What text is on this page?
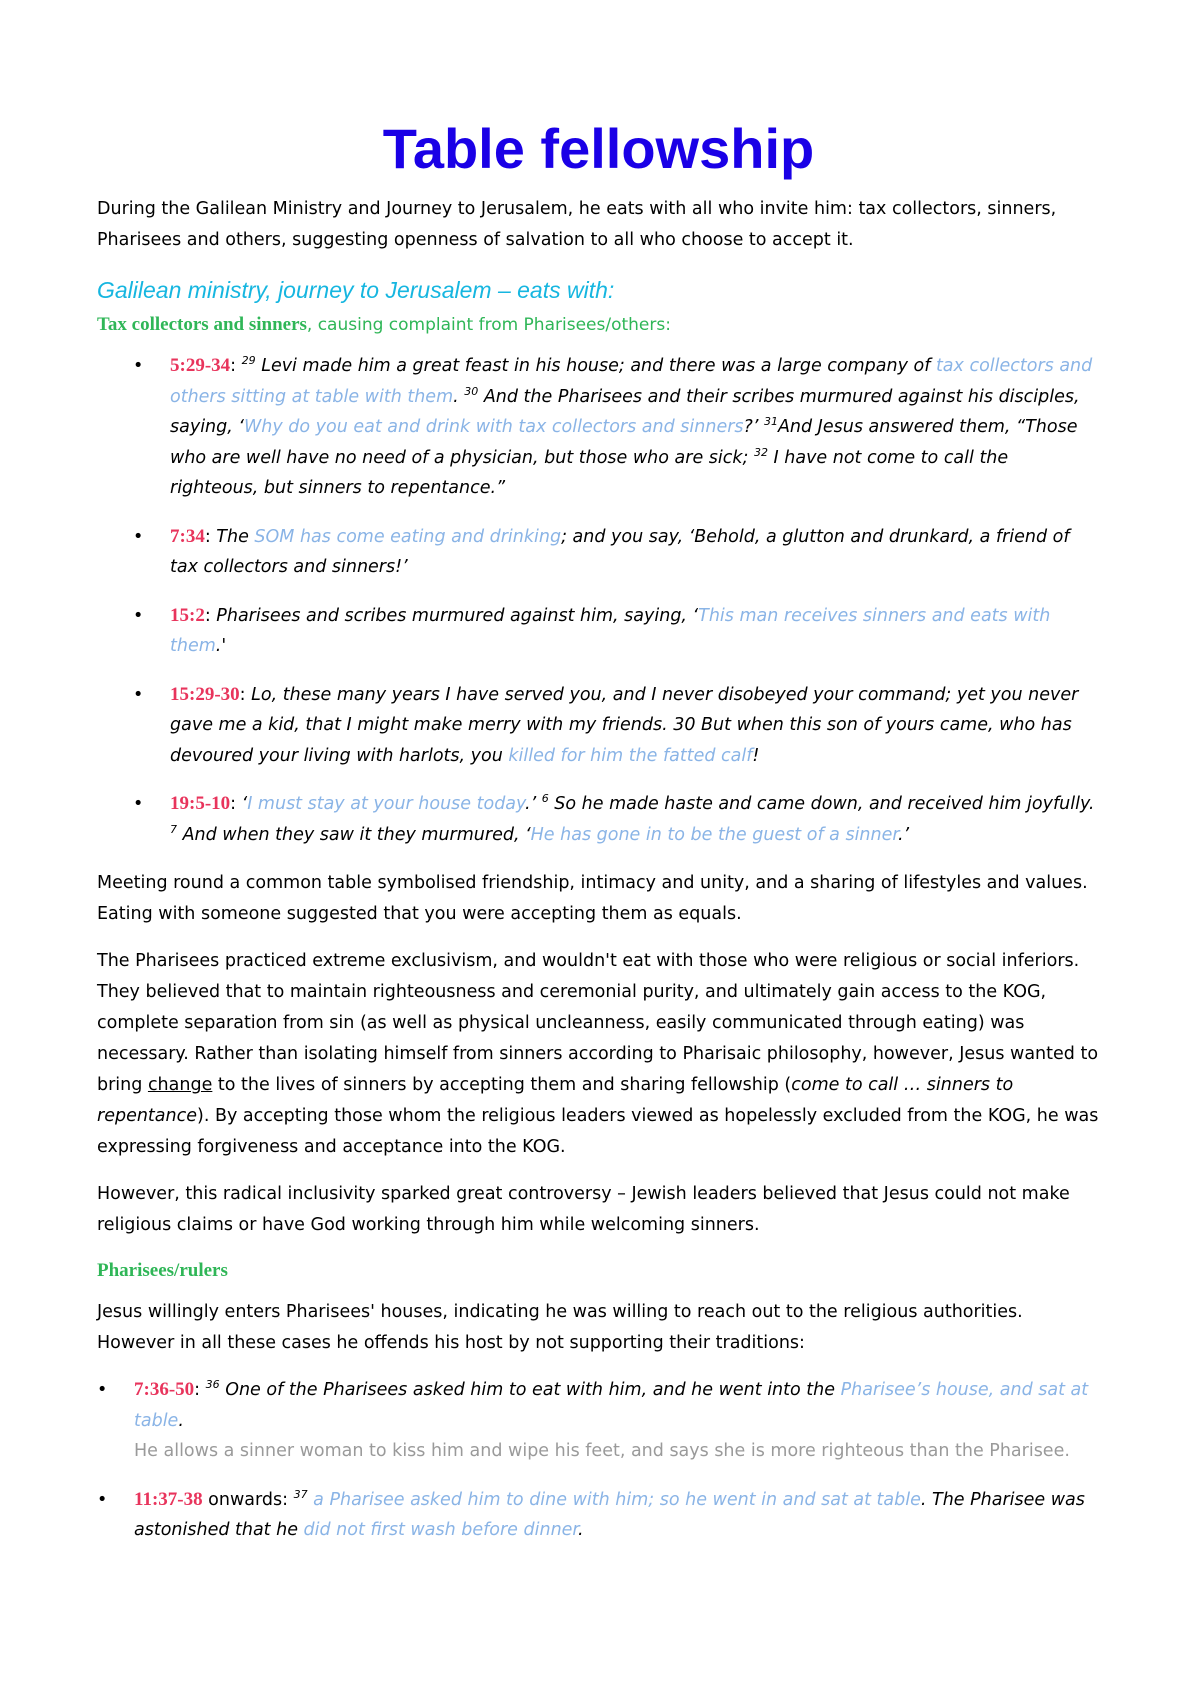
Table fellowship

During the Galilean Ministry and Journey to Jerusalem, he eats with all who invite him: tax collectors, sinners, Pharisees and others, suggesting openness of salvation to all who choose to accept it.

Galilean ministry, journey to Jerusalem – eats with:
Tax collectors and sinners, causing complaint from Pharisees/others:
• 5:29-34: $^{29}$ Levi made him a great feast in his house; and there was a large company of tax collectors and others sitting at table with them. $^{30}$ And the Pharisees and their scribes murmured against his disciples, saying, ‘Why do you eat and drink with tax collectors and sinners?’ $^{31}$And Jesus answered them, “Those who are well have no need of a physician, but those who are sick; $^{32}$ I have not come to call the righteous, but sinners to repentance.”
• 7:34: The SOM has come eating and drinking; and you say, ‘Behold, a glutton and drunkard, a friend of tax collectors and sinners!’
• 15:2: Pharisees and scribes murmured against him, saying, ‘This man receives sinners and eats with them.'
• 15:29-30: Lo, these many years I have served you, and I never disobeyed your command; yet you never gave me a kid, that I might make merry with my friends. 30 But when this son of yours came, who has devoured your living with harlots, you killed for him the fatted calf!
• 19:5-10: ‘I must stay at your house today.’ $^6$ So he made haste and came down, and received him joyfully. $^7$ And when they saw it they murmured, ‘He has gone in to be the guest of a sinner.’

Meeting round a common table symbolised friendship, intimacy and unity, and a sharing of lifestyles and values. Eating with someone suggested that you were accepting them as equals.

The Pharisees practiced extreme exclusivism, and wouldn't eat with those who were religious or social inferiors. They believed that to maintain righteousness and ceremonial purity, and ultimately gain access to the KOG, complete separation from sin (as well as physical uncleanness, easily communicated through eating) was necessary. Rather than isolating himself from sinners according to Pharisaic philosophy, however, Jesus wanted to bring change to the lives of sinners by accepting them and sharing fellowship (come to call … sinners to repentance). By accepting those whom the religious leaders viewed as hopelessly excluded from the KOG, he was expressing forgiveness and acceptance into the KOG.

However, this radical inclusivity sparked great controversy – Jewish leaders believed that Jesus could not make religious claims or have God working through him while welcoming sinners.

Pharisees/rulers

Jesus willingly enters Pharisees' houses, indicating he was willing to reach out to the religious authorities. However in all these cases he offends his host by not supporting their traditions:

• 7:36-50: $^{36}$ One of the Pharisees asked him to eat with him, and he went into the Pharisee’s house, and sat at table.
He allows a sinner woman to kiss him and wipe his feet, and says she is more righteous than the Pharisee.
• 11:37-38 onwards: $^{37}$ a Pharisee asked him to dine with him; so he went in and sat at table. The Pharisee was astonished that he did not first wash before dinner.
